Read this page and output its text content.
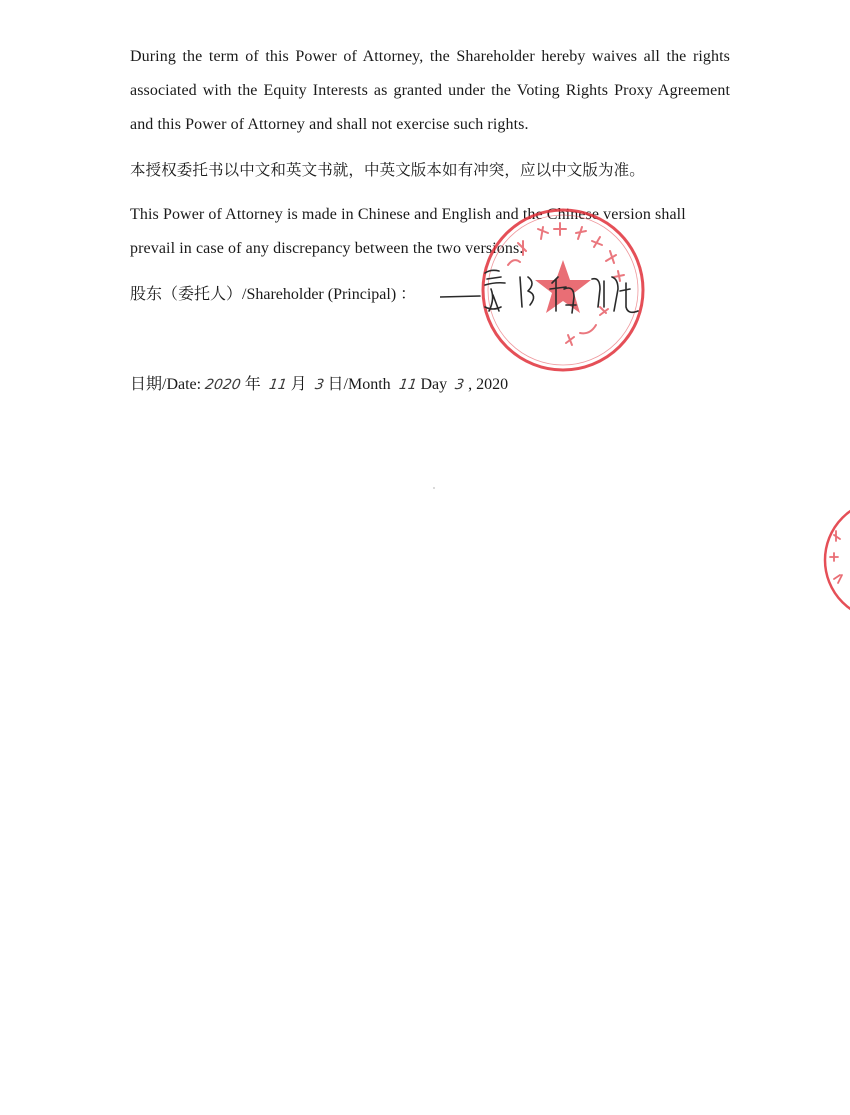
During the term of this Power of Attorney, the Shareholder hereby waives all the rights associated with the Equity Interests as granted under the Voting Rights Proxy Agreement and this Power of Attorney and shall not exercise such rights.

本授权委托书以中文和英文书就，中英文版本如有冲突，应以中文版为准。

This Power of Attorney is made in Chinese and English and the Chinese version shall prevail in case of any discrepancy between the two versions.

股东（委托人）/Shareholder (Principal) ：
日期/Date: 2020 年 11 月 3 日/Month 11 Day 3 , 2020
